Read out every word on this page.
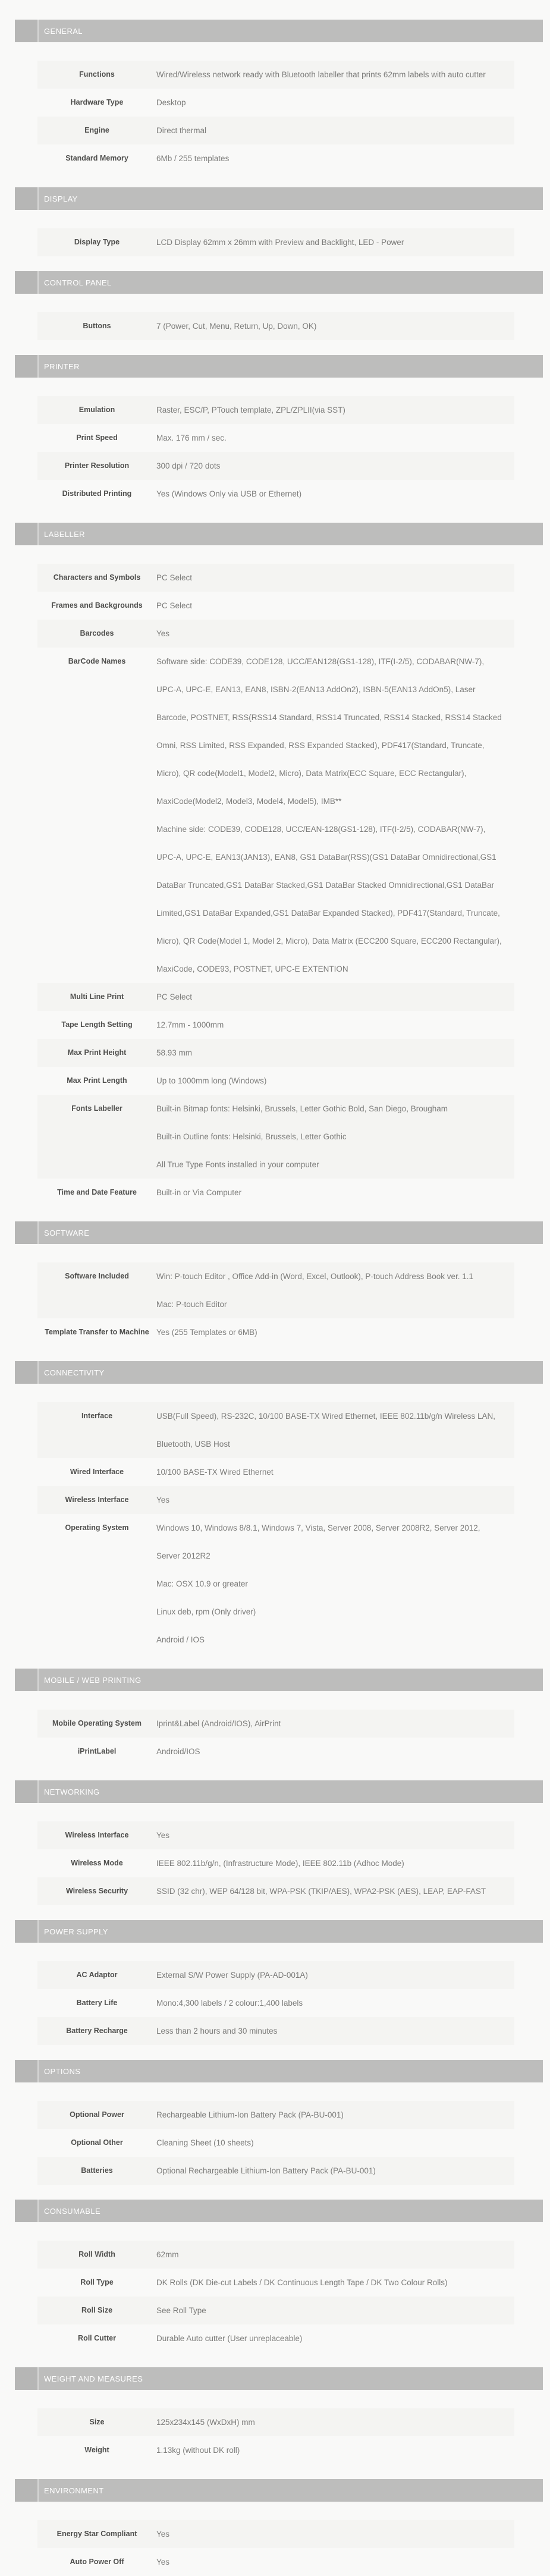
GENERAL
Functions	Wired/Wireless network ready with Bluetooth labeller that prints 62mm labels with auto cutter
Hardware Type	Desktop
Engine	Direct thermal
Standard Memory	6Mb / 255 templates
DISPLAY
Display Type	LCD Display 62mm x 26mm with Preview and Backlight, LED - Power
CONTROL PANEL
Buttons	7 (Power, Cut, Menu, Return, Up, Down, OK)
PRINTER
Emulation	Raster, ESC/P, PTouch template, ZPL/ZPLII(via SST)
Print Speed	Max. 176 mm / sec.
Printer Resolution	300 dpi / 720 dots
Distributed Printing	Yes (Windows Only via USB or Ethernet)
LABELLER
Characters and Symbols	PC Select
Frames and Backgrounds	PC Select
Barcodes	Yes
BarCode Names	Software side: CODE39, CODE128, UCC/EAN128(GS1-128), ITF(I-2/5), CODABAR(NW-7), UPC-A, UPC-E, EAN13, EAN8, ISBN-2(EAN13 AddOn2), ISBN-5(EAN13 AddOn5), Laser Barcode, POSTNET, RSS(RSS14 Standard, RSS14 Truncated, RSS14 Stacked, RSS14 Stacked Omni, RSS Limited, RSS Expanded, RSS Expanded Stacked), PDF417(Standard, Truncate, Micro), QR code(Model1, Model2, Micro), Data Matrix(ECC Square, ECC Rectangular), MaxiCode(Model2, Model3, Model4, Model5), IMB**
Machine side: CODE39, CODE128, UCC/EAN-128(GS1-128), ITF(I-2/5), CODABAR(NW-7), UPC-A, UPC-E, EAN13(JAN13), EAN8, GS1 DataBar(RSS)(GS1 DataBar Omnidirectional,GS1 DataBar Truncated,GS1 DataBar Stacked,GS1 DataBar Stacked Omnidirectional,GS1 DataBar Limited,GS1 DataBar Expanded,GS1 DataBar Expanded Stacked), PDF417(Standard, Truncate, Micro), QR Code(Model 1, Model 2, Micro), Data Matrix (ECC200 Square, ECC200 Rectangular), MaxiCode, CODE93, POSTNET, UPC-E EXTENTION
Multi Line Print	PC Select
Tape Length Setting	12.7mm - 1000mm
Max Print Height	58.93 mm
Max Print Length	Up to 1000mm long (Windows)
Fonts Labeller	Built-in Bitmap fonts: Helsinki, Brussels, Letter Gothic Bold, San Diego, Brougham
Built-in Outline fonts: Helsinki, Brussels, Letter Gothic
All True Type Fonts installed in your computer
Time and Date Feature	Built-in or Via Computer
SOFTWARE
Software Included	Win: P-touch Editor , Office Add-in (Word, Excel, Outlook), P-touch Address Book ver. 1.1
Mac: P-touch Editor
Template Transfer to Machine Yes (255 Templates or 6MB)
CONNECTIVITY
Interface	USB(Full Speed), RS-232C, 10/100 BASE-TX Wired Ethernet, IEEE 802.11b/g/n Wireless LAN, Bluetooth, USB Host
Wired Interface	10/100 BASE-TX Wired Ethernet
Wireless Interface	Yes
Operating System	Windows 10, Windows 8/8.1, Windows 7, Vista, Server 2008, Server 2008R2, Server 2012, Server 2012R2
Mac: OSX 10.9 or greater
Linux deb, rpm (Only driver)
Android / IOS
MOBILE / WEB PRINTING
Mobile Operating System	Iprint&Label (Android/IOS), AirPrint
iPrintLabel	Android/IOS
NETWORKING
Wireless Interface	Yes
Wireless Mode	IEEE 802.11b/g/n, (Infrastructure Mode), IEEE 802.11b (Adhoc Mode)
Wireless Security	SSID (32 chr), WEP 64/128 bit, WPA-PSK (TKIP/AES), WPA2-PSK (AES), LEAP, EAP-FAST
POWER SUPPLY
AC Adaptor	External S/W Power Supply (PA-AD-001A)
Battery Life	Mono:4,300 labels / 2 colour:1,400 labels
Battery Recharge	Less than 2 hours and 30 minutes
OPTIONS
Optional Power	Rechargeable Lithium-Ion Battery Pack (PA-BU-001)
Optional Other	Cleaning Sheet (10 sheets)
Batteries	Optional Rechargeable Lithium-Ion Battery Pack (PA-BU-001)
CONSUMABLE
Roll Width	62mm
Roll Type	DK Rolls (DK Die-cut Labels / DK Continuous Length Tape / DK Two Colour Rolls)
Roll Size	See Roll Type
Roll Cutter	Durable Auto cutter (User unreplaceable)
WEIGHT AND MEASURES
Size	125x234x145 (WxDxH) mm
Weight	1.13kg (without DK roll)
ENVIRONMENT
Energy Star Compliant	Yes
Auto Power Off	Yes
